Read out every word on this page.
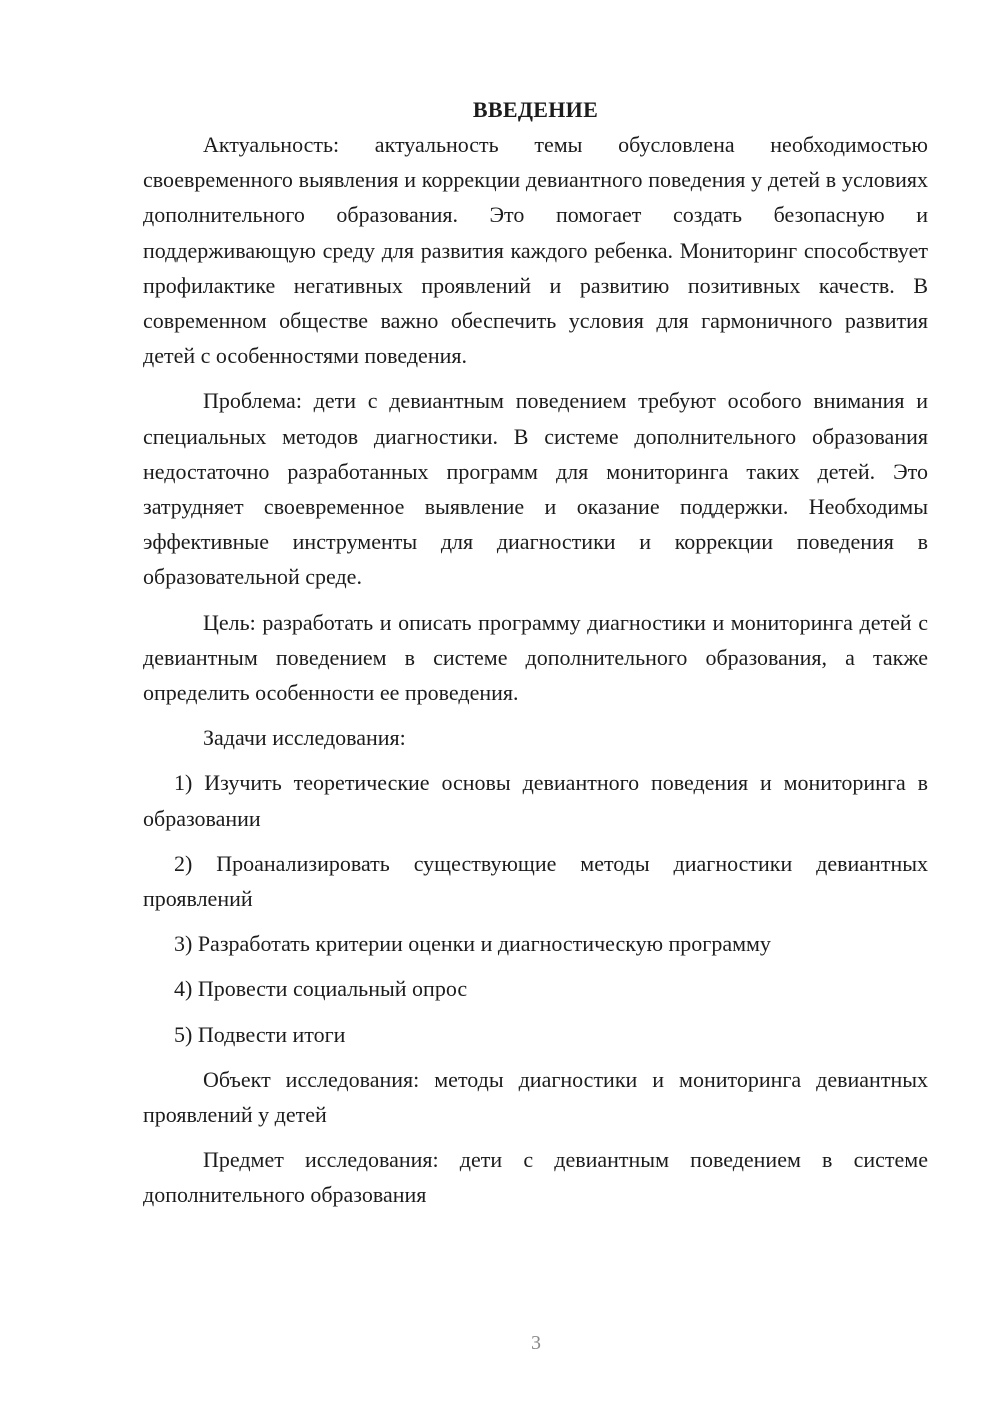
ВВЕДЕНИЕ

Актуальность: актуальность темы обусловлена необходимостью своевременного выявления и коррекции девиантного поведения у детей в условиях дополнительного образования. Это помогает создать безопасную и поддерживающую среду для развития каждого ребенка. Мониторинг способствует профилактике негативных проявлений и развитию позитивных качеств. В современном обществе важно обеспечить условия для гармоничного развития детей с особенностями поведения.

Проблема: дети с девиантным поведением требуют особого внимания и специальных методов диагностики. В системе дополнительного образования недостаточно разработанных программ для мониторинга таких детей. Это затрудняет своевременное выявление и оказание поддержки. Необходимы эффективные инструменты для диагностики и коррекции поведения в образовательной среде.

Цель: разработать и описать программу диагностики и мониторинга детей с девиантным поведением в системе дополнительного образования, а также определить особенности ее проведения.

Задачи исследования:

1) Изучить теоретические основы девиантного поведения и мониторинга в образовании

2) Проанализировать существующие методы диагностики девиантных проявлений

3) Разработать критерии оценки и диагностическую программу

4) Провести социальный опрос

5) Подвести итоги

Объект исследования: методы диагностики и мониторинга девиантных проявлений у детей

Предмет исследования: дети с девиантным поведением в системе дополнительного образования

3
